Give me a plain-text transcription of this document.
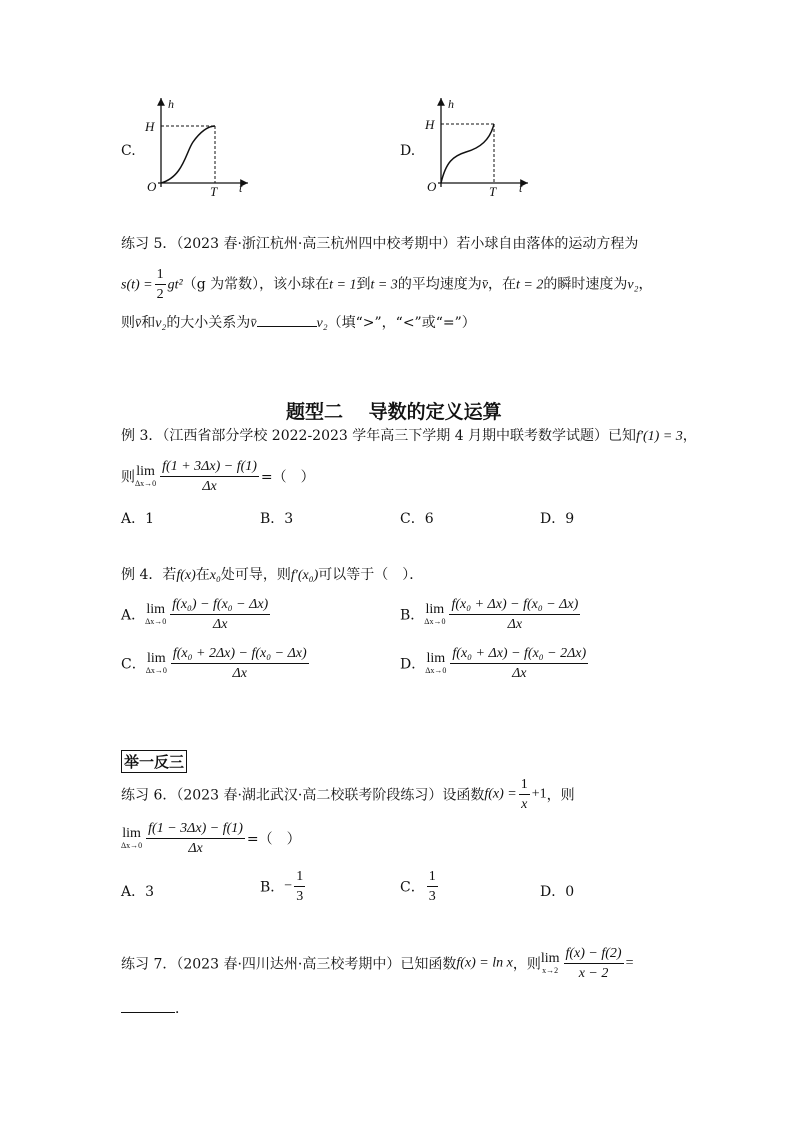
C.
h
H
O	T t
D.
h
H
O	T t
练习 5．（2023 春·浙江杭州·高三杭州四中校考期中）若小球自由落体的运动方程为
$s(t) = \frac{1}{2} gt^2(g$ 为常数），该小球在t = 1到t = 3的平均速度为v̄，在t = 2的瞬时速度为v₂，
则v̄和v₂的大小关系为v̄	v₂（填“>”，“<”或“=”）
题型二　 导数的定义运算
例 3．（江西省部分学校 2022-2023 学年高三下学期 4 月期中联考数学试题）已知f′(1) = 3，
则 lim
$\Delta x\to 0 \frac{f(1 + 3\Delta x) - f(1)}{\Delta x}$ =（　）
A．1	B．3	C．6	D．9
例 4．若f(x)在x₀处可导，则f′(x₀)可以等于（　）．
A． lim
$\Delta x\to 0 \frac{\text{f(x₀) − f(x₀ − Δx)}}{\Delta x}$	B． lim
$\Delta x\to 0 \frac{\text{f(x₀ + Δx) − f(x₀ − Δx)}}{\Delta x}$
C． lim
$\Delta x\to 0 \frac{\text{f(x₀ + 2Δx) − f(x₀ − Δx)}}{\Delta x}$	D． lim
$\Delta x\to 0 \frac{\text{f(x₀ + Δx) − f(x₀ − 2Δx)}}{\Delta x}$
举一反三
练习 6．（2023 春·湖北武汉·高二校联考阶段练习）设函数$f(x) = \frac{1}{x} +1$，则
lim
$\Delta x\to 0 \frac{f(1 - 3\Delta x) - f(1)}{\Delta x}$ =（　）
A．3	B．− $\frac{1}{3}$	C． $\frac{1}{3}$	D．0
练习 7．（2023 春·四川达州·高三校考期中）已知函数f(x) = ln x，则 lim
$x\to 2 \frac{f(x) - f(2)}{x - 2}$ =
．
